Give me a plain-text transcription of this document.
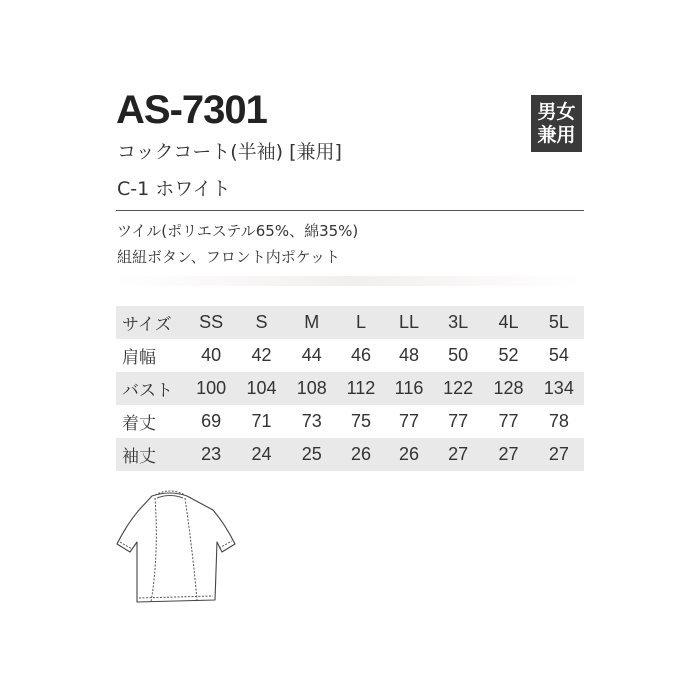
AS-7301
コックコート(半袖) [兼用]
C-1 ホワイト
男女兼用
ツイル(ポリエステル65%、綿35%)
組紐ボタン、フロント内ポケット
サイズ	SS	S	M	L	LL	3L	4L	5L
肩幅	40	42	44	46	48	50	52	54
バスト	100	104	108	112	116	122	128	134
着丈	69	71	73	75	77	77	77	78
袖丈	23	24	25	26	26	27	27	27
